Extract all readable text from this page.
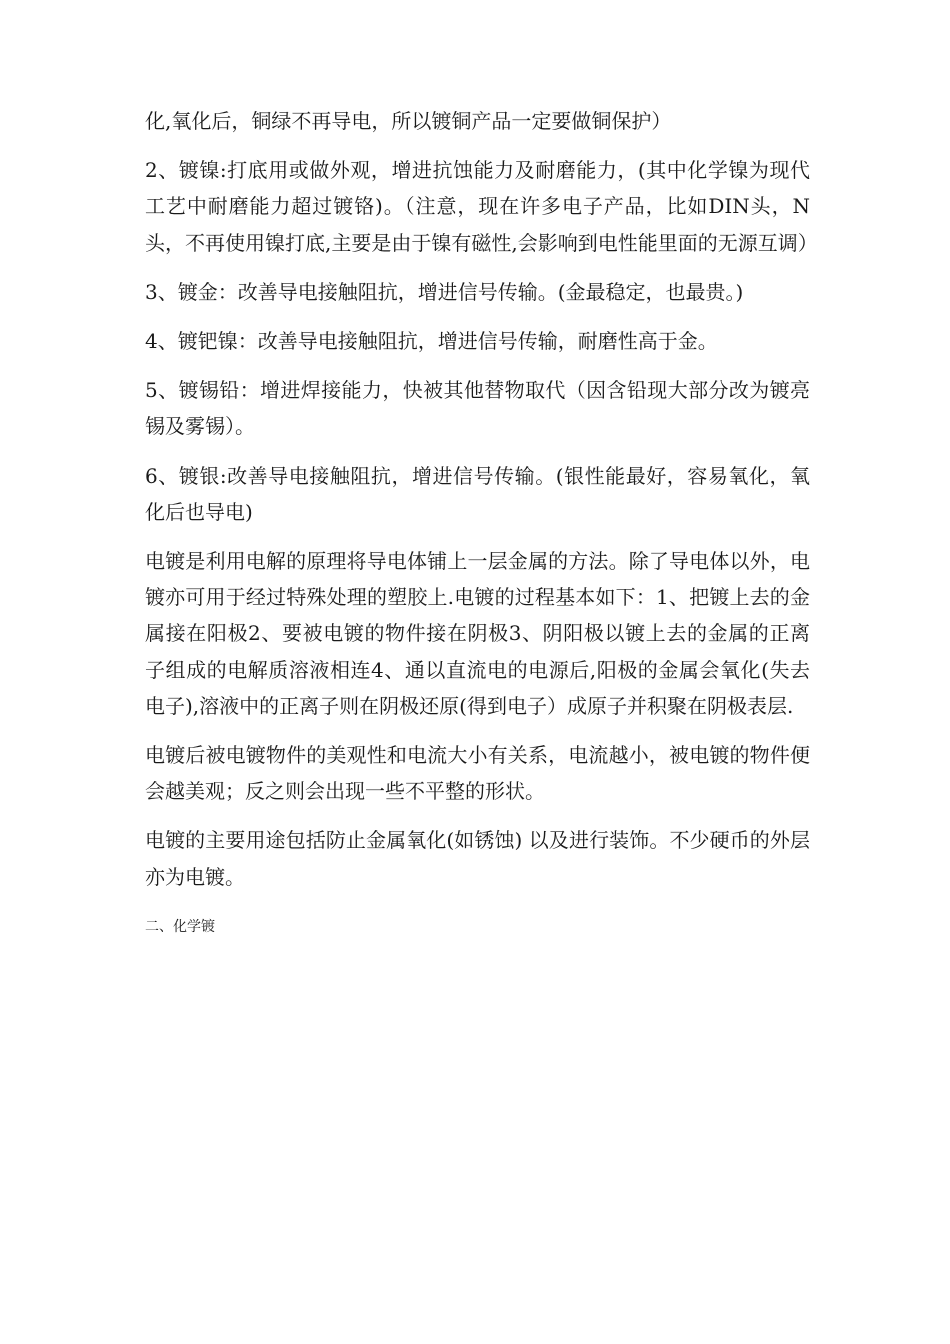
化,氧化后，铜绿不再导电，所以镀铜产品一定要做铜保护）

2、镀镍:打底用或做外观，增进抗蚀能力及耐磨能力，(其中化学镍为现代工艺中耐磨能力超过镀铬)。（注意，现在许多电子产品，比如DIN头，N头，不再使用镍打底,主要是由于镍有磁性,会影响到电性能里面的无源互调）

3、镀金：改善导电接触阻抗，增进信号传输。(金最稳定，也最贵。)

4、镀钯镍：改善导电接触阻抗，增进信号传输，耐磨性高于金。

5、镀锡铅：增进焊接能力，快被其他替物取代（因含铅现大部分改为镀亮锡及雾锡）。

6、镀银:改善导电接触阻抗，增进信号传输。(银性能最好，容易氧化，氧化后也导电)

电镀是利用电解的原理将导电体铺上一层金属的方法。除了导电体以外，电镀亦可用于经过特殊处理的塑胶上.电镀的过程基本如下：1、把镀上去的金属接在阳极2、要被电镀的物件接在阴极3、阴阳极以镀上去的金属的正离子组成的电解质溶液相连4、通以直流电的电源后,阳极的金属会氧化(失去电子),溶液中的正离子则在阴极还原(得到电子）成原子并积聚在阴极表层.

电镀后被电镀物件的美观性和电流大小有关系，电流越小，被电镀的物件便会越美观；反之则会出现一些不平整的形状。

电镀的主要用途包括防止金属氧化(如锈蚀) 以及进行装饰。不少硬币的外层亦为电镀。

二、化学镀
